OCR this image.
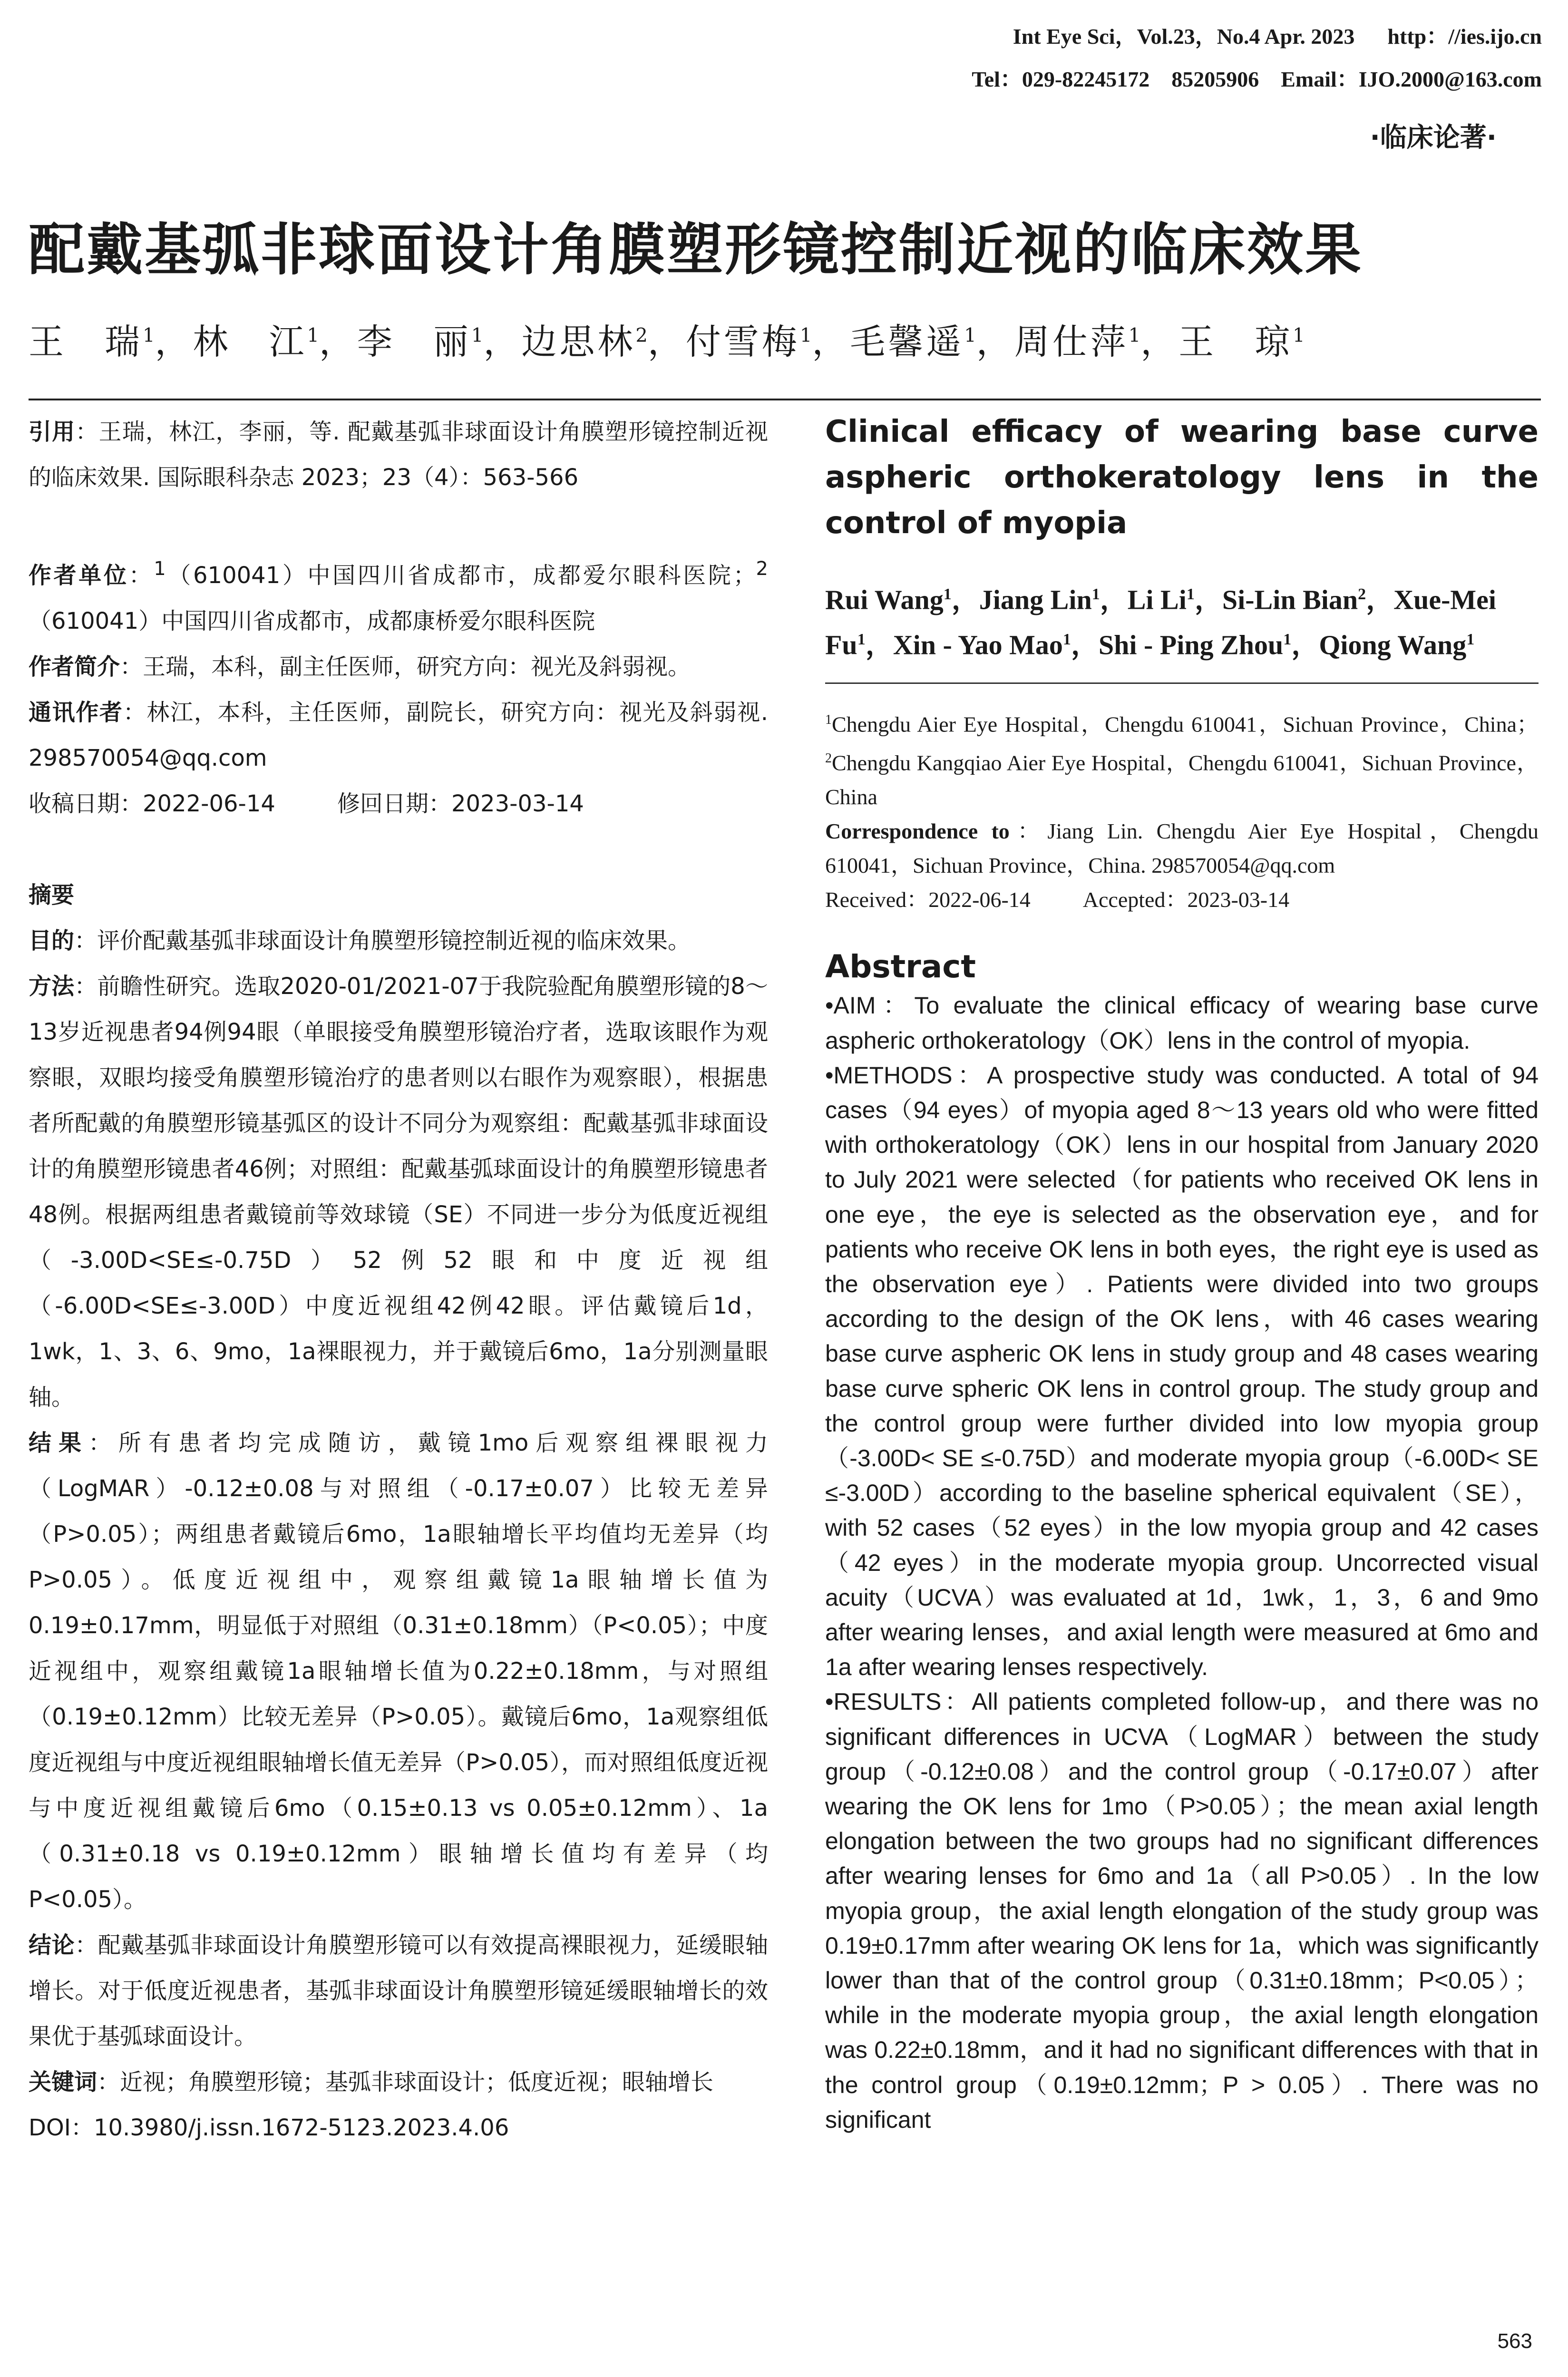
Int Eye Sci，Vol.23，No.4 Apr. 2023      http：//ies.ijo.cn
Tel：029-82245172    85205906    Email：IJO.2000@163.com
·临床论著·
配戴基弧非球面设计角膜塑形镜控制近视的临床效果
王　瑞$^1$，林　江$^1$，李　丽$^1$，边思林$^2$，付雪梅$^1$，毛馨遥$^1$，周仕萍$^1$，王　琼$^1$

引用：王瑞，林江，李丽，等. 配戴基弧非球面设计角膜塑形镜控制近视的临床效果. 国际眼科杂志 2023；23（4）：563-566

作者单位：$^1$（610041）中国四川省成都市，成都爱尔眼科医院；$^2$（610041）中国四川省成都市，成都康桥爱尔眼科医院

作者简介：王瑞，本科，副主任医师，研究方向：视光及斜弱视。

通讯作者：林江，本科，主任医师，副院长，研究方向：视光及斜弱视. 298570054@qq.com

收稿日期：2022-06-14	修回日期：2023-03-14

摘要

目的：评价配戴基弧非球面设计角膜塑形镜控制近视的临床效果。

方法：前瞻性研究。选取2020-01/2021-07于我院验配角膜塑形镜的8～13岁近视患者94例94眼（单眼接受角膜塑形镜治疗者，选取该眼作为观察眼，双眼均接受角膜塑形镜治疗的患者则以右眼作为观察眼），根据患者所配戴的角膜塑形镜基弧区的设计不同分为观察组：配戴基弧非球面设计的角膜塑形镜患者46例；对照组：配戴基弧球面设计的角膜塑形镜患者48例。根据两组患者戴镜前等效球镜（SE）不同进一步分为低度近视组（-3.00D<SE≤-0.75D）52例52眼和中度近视组（-6.00D<SE≤-3.00D）中度近视组42例42眼。评估戴镜后1d，1wk，1、3、6、9mo，1a裸眼视力，并于戴镜后6mo，1a分别测量眼轴。

结果：所有患者均完成随访，戴镜1mo后观察组裸眼视力（LogMAR）-0.12±0.08与对照组（-0.17±0.07）比较无差异（P>0.05）；两组患者戴镜后6mo，1a眼轴增长平均值均无差异（均P>0.05）。低度近视组中，观察组戴镜1a眼轴增长值为0.19±0.17mm，明显低于对照组（0.31±0.18mm）（P<0.05）；中度近视组中，观察组戴镜1a眼轴增长值为0.22±0.18mm，与对照组（0.19±0.12mm）比较无差异（P>0.05）。戴镜后6mo，1a观察组低度近视组与中度近视组眼轴增长值无差异（P>0.05），而对照组低度近视与中度近视组戴镜后6mo（0.15±0.13 vs 0.05±0.12mm）、1a（0.31±0.18 vs 0.19±0.12mm）眼轴增长值均有差异（均P<0.05）。

结论：配戴基弧非球面设计角膜塑形镜可以有效提高裸眼视力，延缓眼轴增长。对于低度近视患者，基弧非球面设计角膜塑形镜延缓眼轴增长的效果优于基弧球面设计。

关键词：近视；角膜塑形镜；基弧非球面设计；低度近视；眼轴增长

DOI：10.3980/j.issn.1672-5123.2023.4.06

Clinical efficacy of wearing base curve aspheric orthokeratology lens in the control of myopia
Rui Wang$^1$，Jiang Lin$^1$，Li Li$^1$，Si-Lin Bian$^2$，Xue-Mei Fu$^1$，Xin - Yao Mao$^1$，Shi - Ping Zhou$^1$，Qiong Wang$^1$
$^1$Chengdu Aier Eye Hospital，Chengdu 610041，Sichuan Province，China； $^2$Chengdu Kangqiao Aier Eye Hospital，Chengdu 610041，Sichuan Province，China
Correspondence to：Jiang Lin. Chengdu Aier Eye Hospital，Chengdu 610041，Sichuan Province，China. 298570054@qq.com
Received：2022-06-14 Accepted：2023-03-14
Abstract

•AIM：To evaluate the clinical efficacy of wearing base curve aspheric orthokeratology（OK）lens in the control of myopia.

•METHODS：A prospective study was conducted. A total of 94 cases（94 eyes）of myopia aged 8～13 years old who were fitted with orthokeratology（OK）lens in our hospital from January 2020 to July 2021 were selected（for patients who received OK lens in one eye，the eye is selected as the observation eye，and for patients who receive OK lens in both eyes，the right eye is used as the observation eye）. Patients were divided into two groups according to the design of the OK lens，with 46 cases wearing base curve aspheric OK lens in study group and 48 cases wearing base curve spheric OK lens in control group. The study group and the control group were further divided into low myopia group（-3.00D< SE ≤-0.75D）and moderate myopia group（-6.00D< SE ≤-3.00D）according to the baseline spherical equivalent（SE），with 52 cases（52 eyes）in the low myopia group and 42 cases（42 eyes）in the moderate myopia group. Uncorrected visual acuity（UCVA）was evaluated at 1d，1wk，1，3，6 and 9mo after wearing lenses，and axial length were measured at 6mo and 1a after wearing lenses respectively.

•RESULTS：All patients completed follow-up，and there was no significant differences in UCVA（LogMAR）between the study group（-0.12±0.08）and the control group（-0.17±0.07）after wearing the OK lens for 1mo（P>0.05）；the mean axial length elongation between the two groups had no significant differences after wearing lenses for 6mo and 1a（all P>0.05）. In the low myopia group，the axial length elongation of the study group was 0.19±0.17mm after wearing OK lens for 1a，which was significantly lower than that of the control group（0.31±0.18mm；P<0.05）；while in the moderate myopia group，the axial length elongation was 0.22±0.18mm，and it had no significant differences with that in the control group（0.19±0.12mm；P > 0.05）. There was no significant

563
